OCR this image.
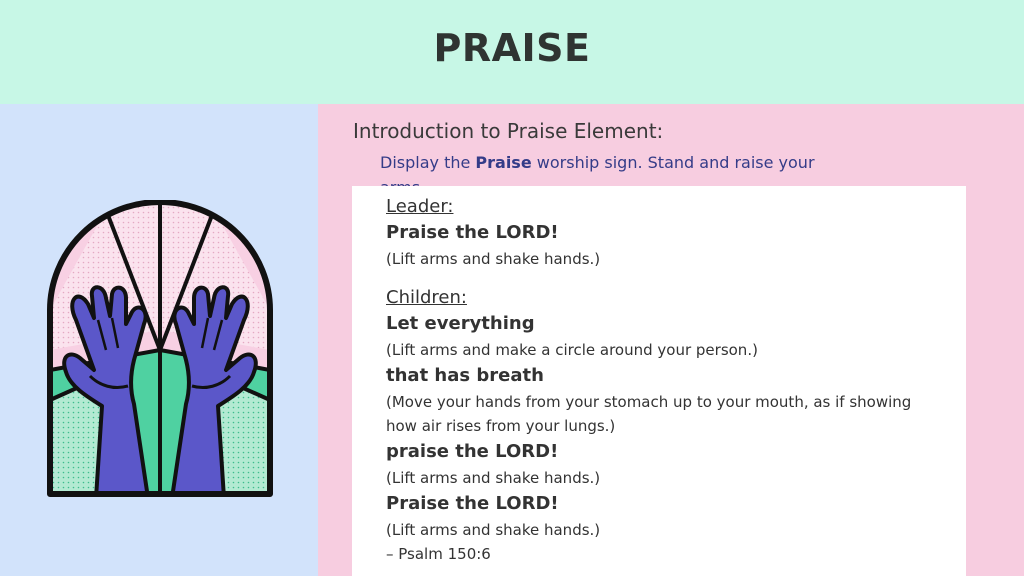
PRAISE
Introduction to Praise Element:
Display the Praise worship sign. Stand and raise your
Leader:
Praise the LORD!
(Lift arms and shake hands.)
Children:
Let everything
(Lift arms and make a circle around your person.)
that has breath
(Move your hands from your stomach up to your mouth, as if showing how air rises from your lungs.)
praise the LORD!
(Lift arms and shake hands.)
Praise the LORD!
(Lift arms and shake hands.)
– Psalm 150:6
